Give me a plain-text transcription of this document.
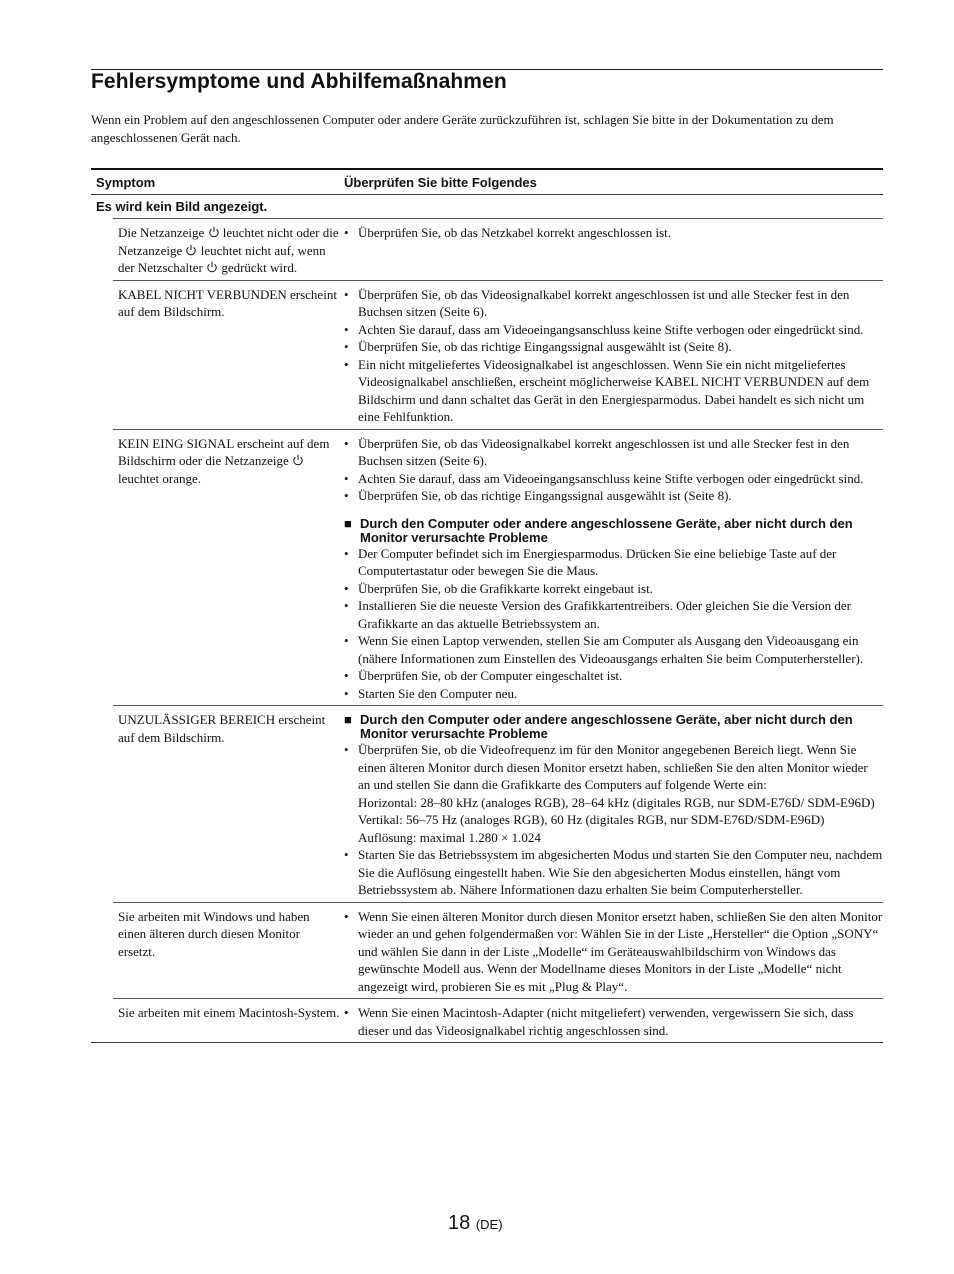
Fehlersymptome und Abhilfemaßnahmen

Wenn ein Problem auf den angeschlossenen Computer oder andere Geräte zurückzuführen ist, schlagen Sie bitte in der Dokumentation zu dem angeschlossenen Gerät nach.

Symptom	Überprüfen Sie bitte Folgendes
Es wird kein Bild angezeigt.
Die Netzanzeige  leuchtet nicht oder die Netzanzeige  leuchtet nicht auf, wenn der Netzschalter  gedrückt wird.
• Überprüfen Sie, ob das Netzkabel korrekt angeschlossen ist.
KABEL NICHT VERBUNDEN erscheint auf dem Bildschirm.
• Überprüfen Sie, ob das Videosignalkabel korrekt angeschlossen ist und alle Stecker fest in den Buchsen sitzen (Seite 6).
• Achten Sie darauf, dass am Videoeingangsanschluss keine Stifte verbogen oder eingedrückt sind.
• Überprüfen Sie, ob das richtige Eingangssignal ausgewählt ist (Seite 8).
• Ein nicht mitgeliefertes Videosignalkabel ist angeschlossen. Wenn Sie ein nicht mitgeliefertes Videosignalkabel anschließen, erscheint möglicherweise KABEL NICHT VERBUNDEN auf dem Bildschirm und dann schaltet das Gerät in den Energiesparmodus. Dabei handelt es sich nicht um eine Fehlfunktion.
KEIN EING SIGNAL erscheint auf dem Bildschirm oder die Netzanzeige  leuchtet orange.
• Überprüfen Sie, ob das Videosignalkabel korrekt angeschlossen ist und alle Stecker fest in den Buchsen sitzen (Seite 6).
• Achten Sie darauf, dass am Videoeingangsanschluss keine Stifte verbogen oder eingedrückt sind.
• Überprüfen Sie, ob das richtige Eingangssignal ausgewählt ist (Seite 8).
■ Durch den Computer oder andere angeschlossene Geräte, aber nicht durch den Monitor verursachte Probleme
• Der Computer befindet sich im Energiesparmodus. Drücken Sie eine beliebige Taste auf der Computertastatur oder bewegen Sie die Maus.
• Überprüfen Sie, ob die Grafikkarte korrekt eingebaut ist.
• Installieren Sie die neueste Version des Grafikkartentreibers. Oder gleichen Sie die Version der Grafikkarte an das aktuelle Betriebssystem an.
• Wenn Sie einen Laptop verwenden, stellen Sie am Computer als Ausgang den Videoausgang ein (nähere Informationen zum Einstellen des Videoausgangs erhalten Sie beim Computerhersteller).
• Überprüfen Sie, ob der Computer eingeschaltet ist.
• Starten Sie den Computer neu.
UNZULÄSSIGER BEREICH erscheint auf dem Bildschirm.
■ Durch den Computer oder andere angeschlossene Geräte, aber nicht durch den Monitor verursachte Probleme
• Überprüfen Sie, ob die Videofrequenz im für den Monitor angegebenen Bereich liegt. Wenn Sie einen älteren Monitor durch diesen Monitor ersetzt haben, schließen Sie den alten Monitor wieder an und stellen Sie dann die Grafikkarte des Computers auf folgende Werte ein:
Horizontal: 28–80 kHz (analoges RGB), 28–64 kHz (digitales RGB, nur SDM-E76D/ SDM-E96D)
Vertikal: 56–75 Hz (analoges RGB), 60 Hz (digitales RGB, nur SDM-E76D/SDM-E96D)
Auflösung: maximal 1.280 × 1.024
• Starten Sie das Betriebssystem im abgesicherten Modus und starten Sie den Computer neu, nachdem Sie die Auflösung eingestellt haben. Wie Sie den abgesicherten Modus einstellen, hängt vom Betriebssystem ab. Nähere Informationen dazu erhalten Sie beim Computerhersteller.
Sie arbeiten mit Windows und haben einen älteren durch diesen Monitor ersetzt.
• Wenn Sie einen älteren Monitor durch diesen Monitor ersetzt haben, schließen Sie den alten Monitor wieder an und gehen folgendermaßen vor: Wählen Sie in der Liste „Hersteller“ die Option „SONY“ und wählen Sie dann in der Liste „Modelle“ im Geräteauswahlbildschirm von Windows das gewünschte Modell aus. Wenn der Modellname dieses Monitors in der Liste „Modelle“ nicht angezeigt wird, probieren Sie es mit „Plug & Play“.
Sie arbeiten mit einem Macintosh-System.
•	Wenn Sie einen Macintosh-Adapter (nicht mitgeliefert) verwenden, vergewissern Sie sich, dass dieser und das Videosignalkabel richtig angeschlossen sind.
18 (DE)
